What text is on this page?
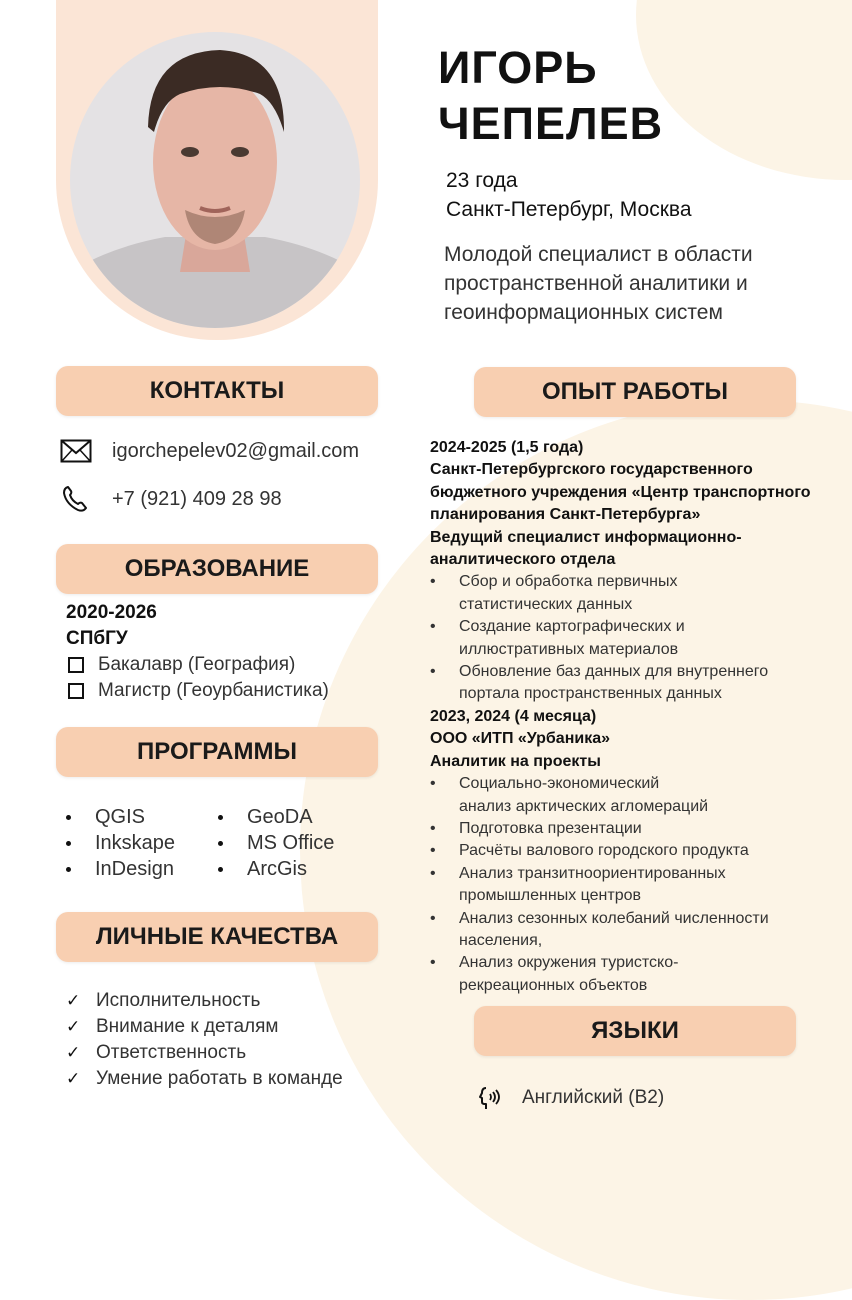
ИГОРЬ
ЧЕПЕЛЕВ
23 года
Санкт-Петербург, Москва
Молодой специалист в области
пространственной аналитики и
геоинформационных систем
КОНТАКТЫ
igorchepelev02@gmail.com
+7 (921) 409 28 98
ОБРАЗОВАНИЕ
2020-2026
СПбГУ
Бакалавр (География)
Магистр (Геоурбанистика)
ПРОГРАММЫ
QGIS
Inkskape
InDesign
GeoDA
MS Office
ArcGis
ЛИЧНЫЕ КАЧЕСТВА
✓ Исполнительность
✓ Внимание к деталям
✓ Ответственность
✓ Умение работать в команде
ОПЫТ РАБОТЫ
2024-2025 (1,5 года)
Санкт-Петербургского государственного
бюджетного учреждения «Центр транспортного
планирования Санкт-Петербурга»
Ведущий специалист информационно-
аналитического отдела
• Сбор и обработка первичных
статистических данных
• Создание картографических и
иллюстративных материалов
• Обновление баз данных для внутреннего
портала пространственных данных
2023, 2024 (4 месяца)
ООО «ИТП «Урбаника»
Аналитик на проекты
• Социально-экономический
анализ арктических агломераций
• Подготовка презентации
• Расчёты валового городского продукта
• Анализ транзитноориентированных
промышленных центров
• Анализ сезонных колебаний численности
населения,
• Анализ окружения туристско-
рекреационных объектов
ЯЗЫКИ
Английский (B2)
